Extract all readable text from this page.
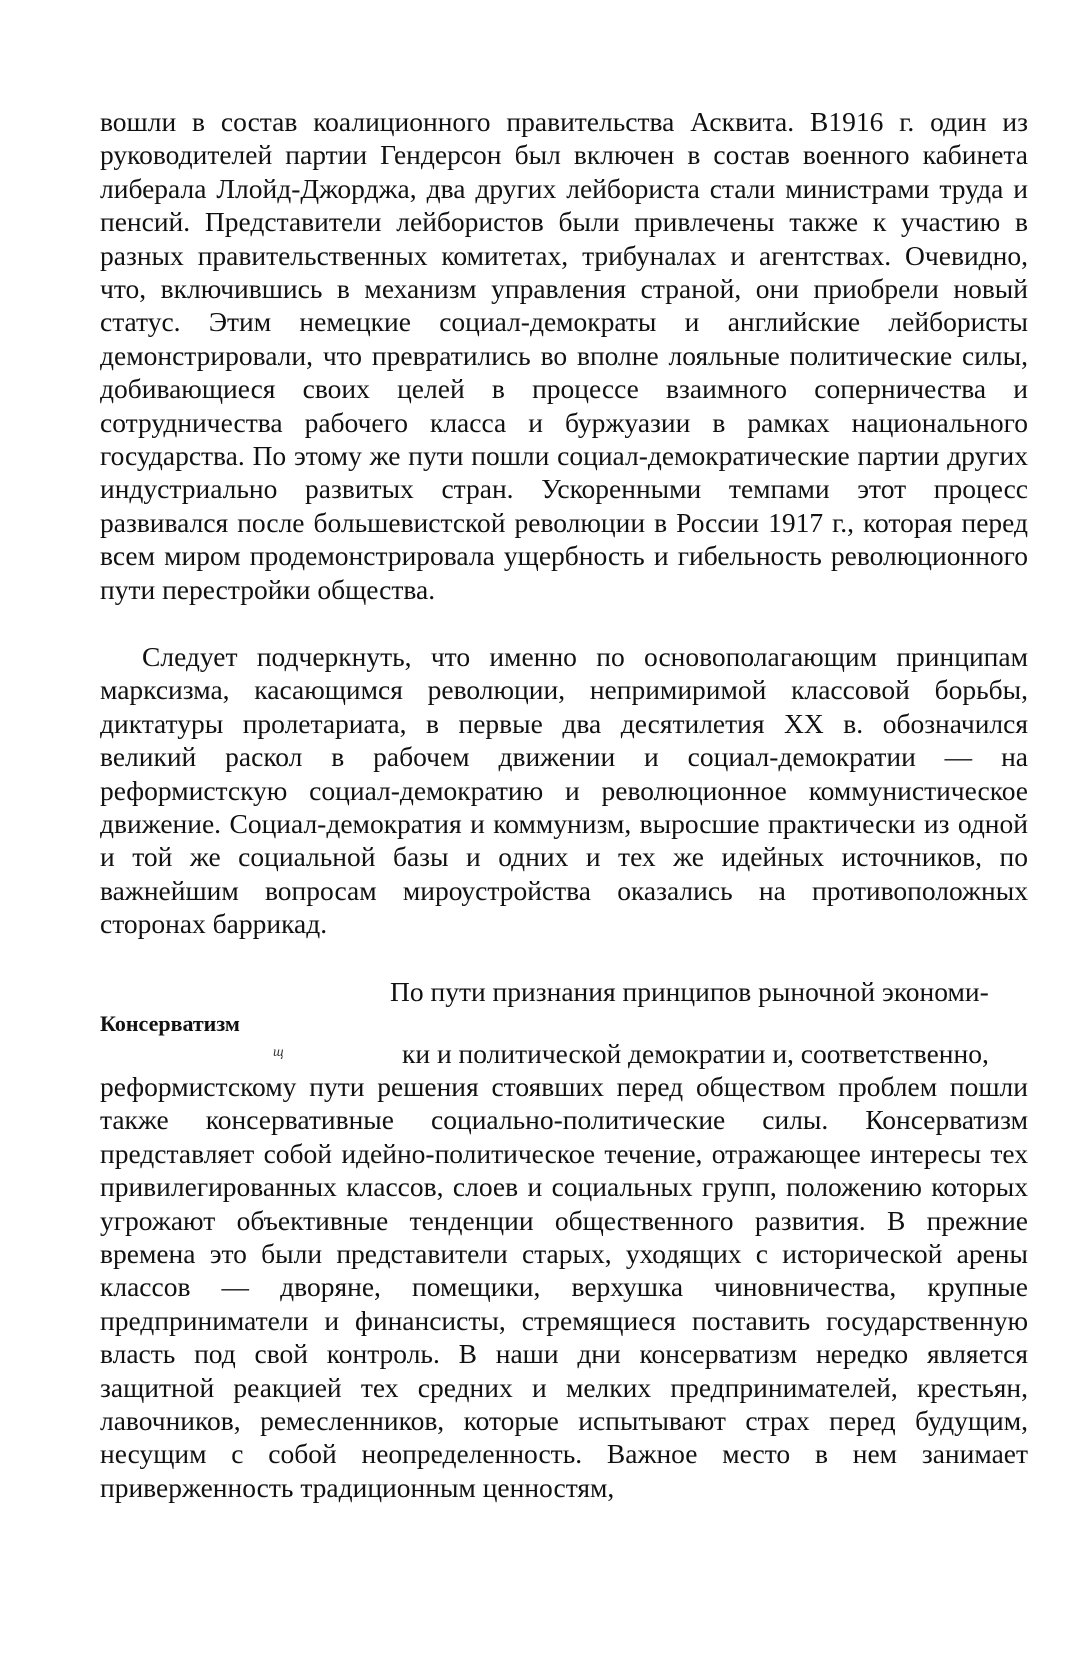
вошли в состав коалиционного правительства Асквита. В1916 г. один из руководителей партии Гендерсон был включен в состав военного кабинета либерала Ллойд-Джорджа, два других лейбориста стали министрами труда и пенсий. Представители лейбористов были привлечены также к участию в разных правительственных комитетах, трибуналах и агентствах. Очевидно, что, включившись в механизм управления страной, они приобрели новый статус. Этим немецкие социал-демократы и английские лейбористы демонстрировали, что превратились во вполне лояльные политические силы, добивающиеся своих целей в процессе взаимного соперничества и сотрудничества рабочего класса и буржуазии в рамках национального государства. По этому же пути пошли социал-демократические партии других индустриально развитых стран. Ускоренными темпами этот процесс развивался после большевистской революции в России 1917 г., которая перед всем миром продемонстрировала ущербность и гибельность революционного пути перестройки общества.

Следует подчеркнуть, что именно по основополагающим принципам марксизма, касающимся революции, непримиримой классовой борьбы, диктатуры пролетариата, в первые два десятилетия XX в. обозначился великий раскол в рабочем движении и социал-демократии — на реформистскую социал-демократию и революционное коммунистическое движение. Социал-демократия и коммунизм, выросшие практически из одной и той же социальной базы и одних и тех же идейных источников, по важнейшим вопросам мироустройства оказались на противоположных сторонах баррикад.

По пути признания принципов рыночной экономи-
Консерватизм
щ	ки и политической демократии и, соответственно,

реформистскому пути решения стоявших перед обществом проблем пошли также консервативные социально-политические силы. Консерватизм представляет собой идейно-политическое течение, отражающее интересы тех привилегированных классов, слоев и социальных групп, положению которых угрожают объективные тенденции общественного развития. В прежние времена это были представители старых, уходящих с исторической арены классов — дворяне, помещики, верхушка чиновничества, крупные предприниматели и финансисты, стремящиеся поставить государственную власть под свой контроль. В наши дни консерватизм нередко является защитной реакцией тех средних и мелких предпринимателей, крестьян, лавочников, ремесленников, которые испытывают страх перед будущим, несущим с собой неопределенность. Важное место в нем занимает приверженность традиционным ценностям,
